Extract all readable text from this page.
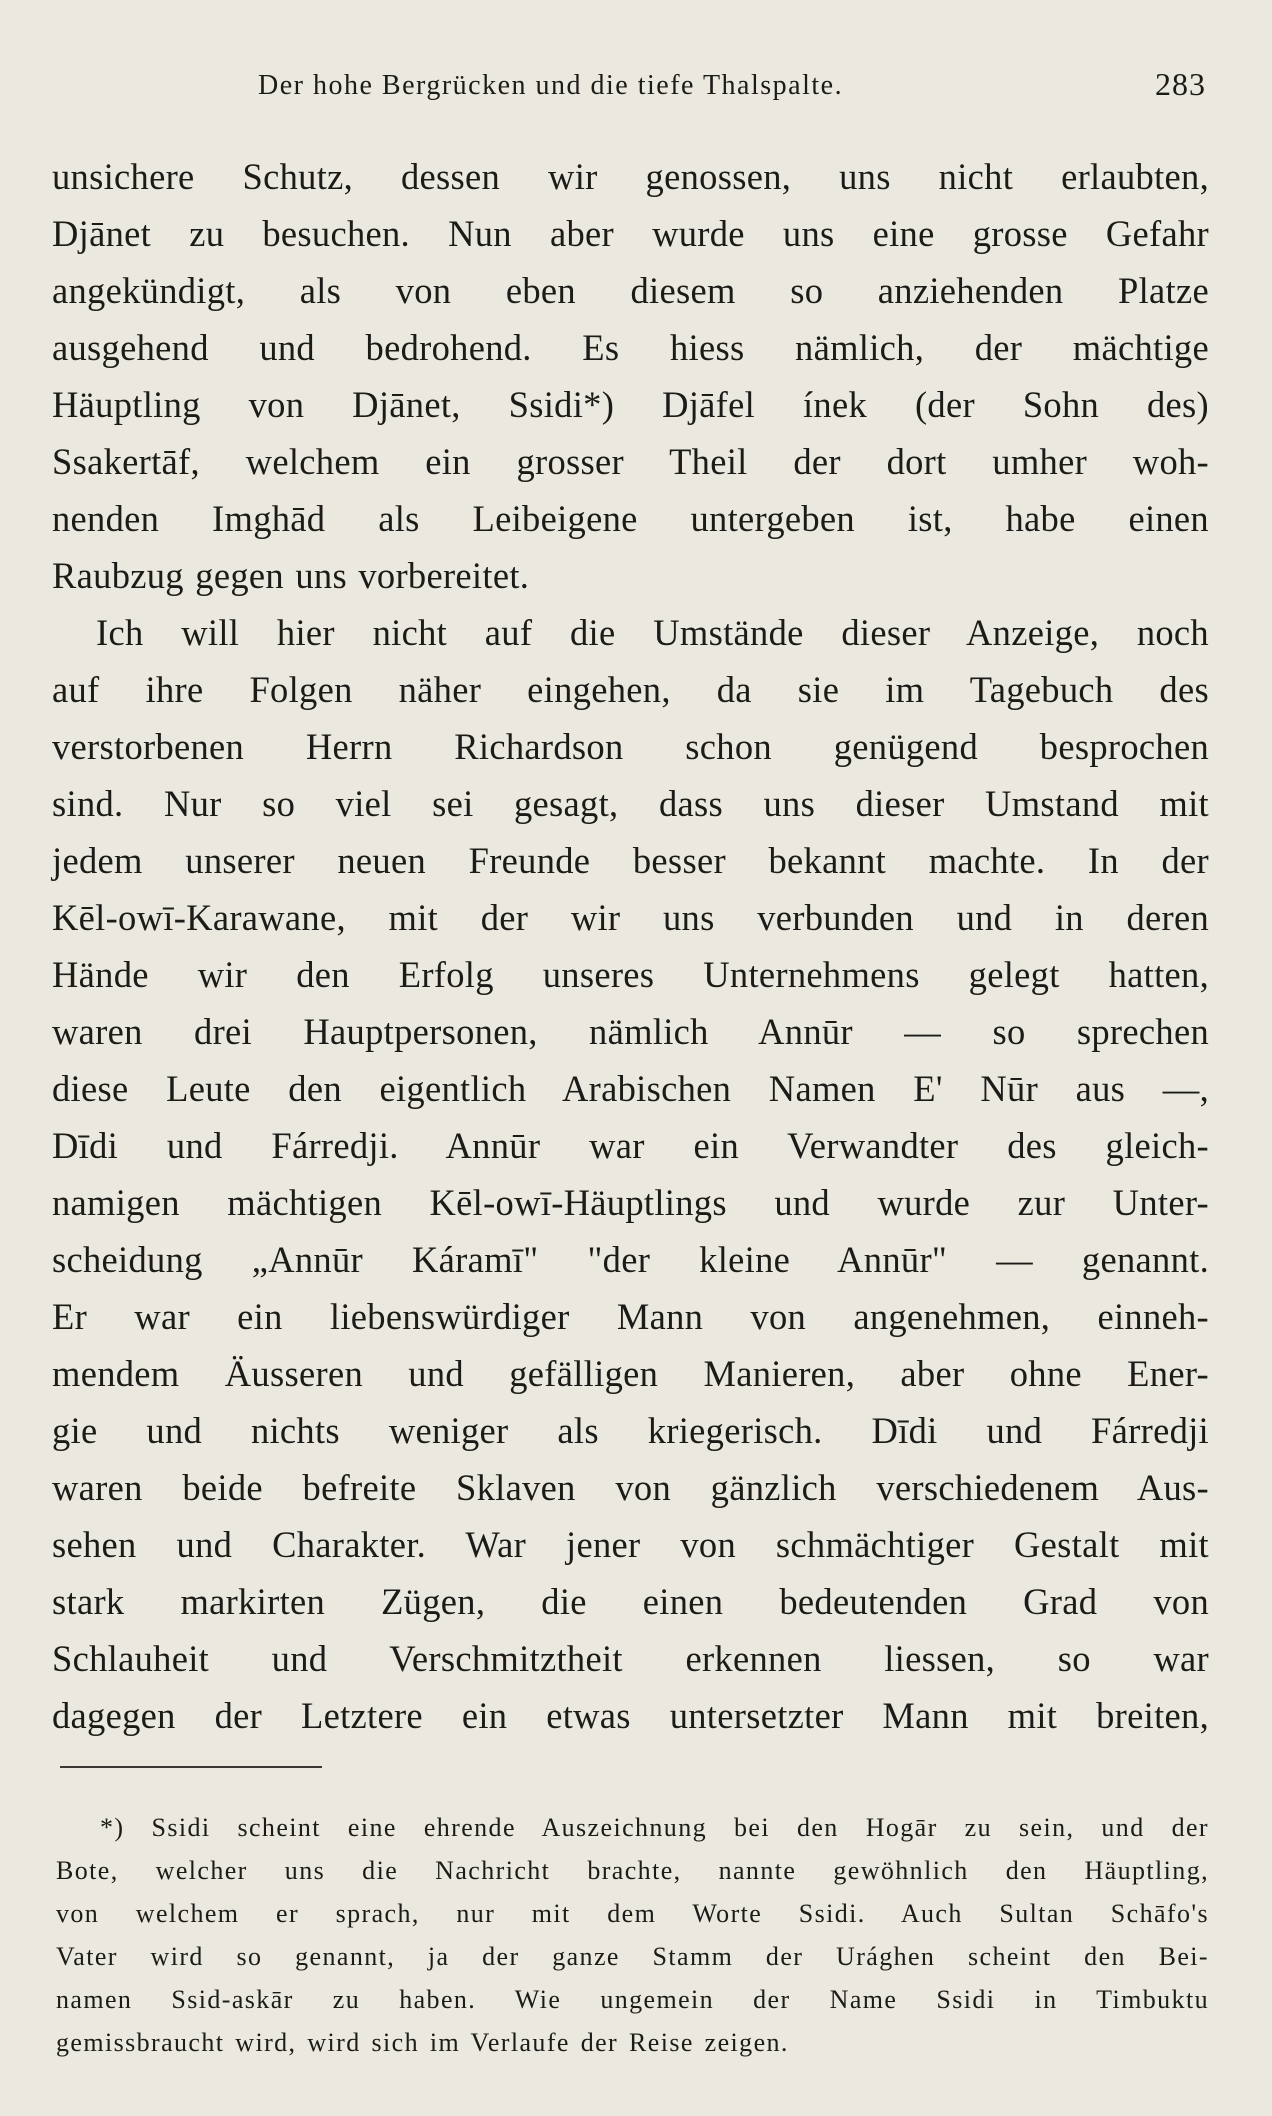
Der hohe Bergrücken und die tiefe Thalspalte.	283
unsichere Schutz, dessen wir genossen, uns nicht erlaubten,
Djānet zu besuchen. Nun aber wurde uns eine grosse Gefahr
angekündigt, als von eben diesem so anziehenden Platze
ausgehend und bedrohend. Es hiess nämlich, der mächtige
Häuptling von Djānet, Ssidi*) Djāfel ínek (der Sohn des)
Ssakertāf, welchem ein grosser Theil der dort umher woh-
nenden Imghād als Leibeigene untergeben ist, habe einen
Raubzug gegen uns vorbereitet.
Ich will hier nicht auf die Umstände dieser Anzeige, noch
auf ihre Folgen näher eingehen, da sie im Tagebuch des
verstorbenen Herrn Richardson schon genügend besprochen
sind. Nur so viel sei gesagt, dass uns dieser Umstand mit
jedem unserer neuen Freunde besser bekannt machte. In der
Kēl-owī-Karawane, mit der wir uns verbunden und in deren
Hände wir den Erfolg unseres Unternehmens gelegt hatten,
waren drei Hauptpersonen, nämlich Annūr — so sprechen
diese Leute den eigentlich Arabischen Namen E' Nūr aus —,
Dīdi und Fárredji. Annūr war ein Verwandter des gleich-
namigen mächtigen Kēl-owī-Häuptlings und wurde zur Unter-
scheidung „Annūr Káramī" "der kleine Annūr" — genannt.
Er war ein liebenswürdiger Mann von angenehmen, einneh-
mendem Äusseren und gefälligen Manieren, aber ohne Ener-
gie und nichts weniger als kriegerisch. Dīdi und Fárredji
waren beide befreite Sklaven von gänzlich verschiedenem Aus-
sehen und Charakter. War jener von schmächtiger Gestalt mit
stark markirten Zügen, die einen bedeutenden Grad von
Schlauheit und Verschmitztheit erkennen liessen, so war
dagegen der Letztere ein etwas untersetzter Mann mit breiten,
*) Ssidi scheint eine ehrende Auszeichnung bei den Hogār zu sein, und der
Bote, welcher uns die Nachricht brachte, nannte gewöhnlich den Häuptling,
von welchem er sprach, nur mit dem Worte Ssidi. Auch Sultan Schāfo's
Vater wird so genannt, ja der ganze Stamm der Urághen scheint den Bei-
namen Ssid-askār zu haben. Wie ungemein der Name Ssidi in Timbuktu
gemissbraucht wird, wird sich im Verlaufe der Reise zeigen.
